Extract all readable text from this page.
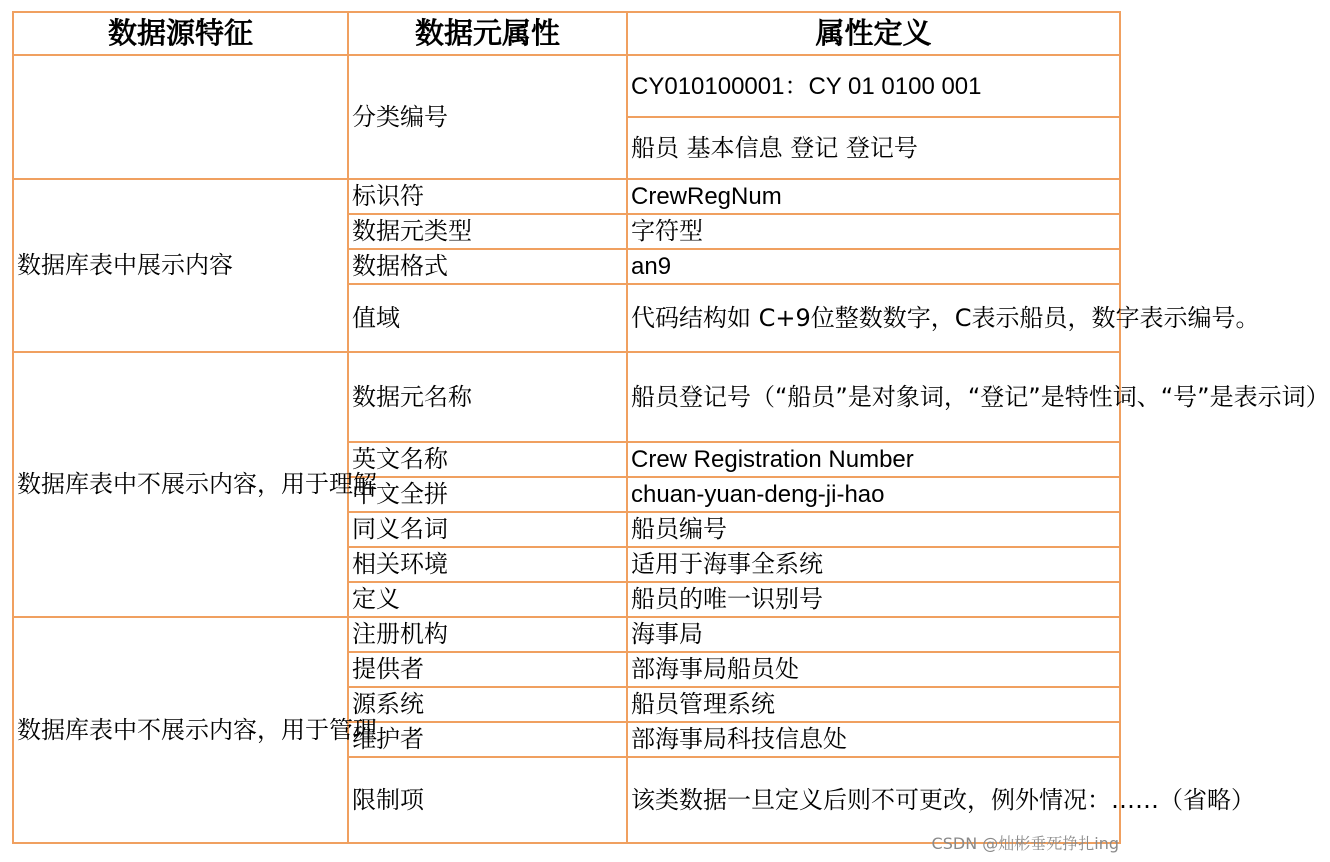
数据源特征	数据元属性	属性定义
	分类编号	CY010100001：CY 01 0100 001
		船员 基本信息 登记 登记号
数据库表中展示内容	标识符	CrewRegNum
	数据元类型	字符型
	数据格式	an9
	值域	代码结构如 C+9位整数数字，C表示船员，数字表示编号。
数据库表中不展示内容，用于理解	数据元名称	船员登记号（“船员”是对象词，“登记”是特性词、“号”是表示词）
	英文名称	Crew Registration Number
	中文全拼	chuan-yuan-deng-ji-hao
	同义名词	船员编号
	相关环境	适用于海事全系统
	定义	船员的唯一识别号
数据库表中不展示内容，用于管理	注册机构	海事局
	提供者	部海事局船员处
	源系统	船员管理系统
	维护者	部海事局科技信息处
	限制项	该类数据一旦定义后则不可更改，例外情况：……（省略）
CSDN @灿彬垂死挣扎ing
